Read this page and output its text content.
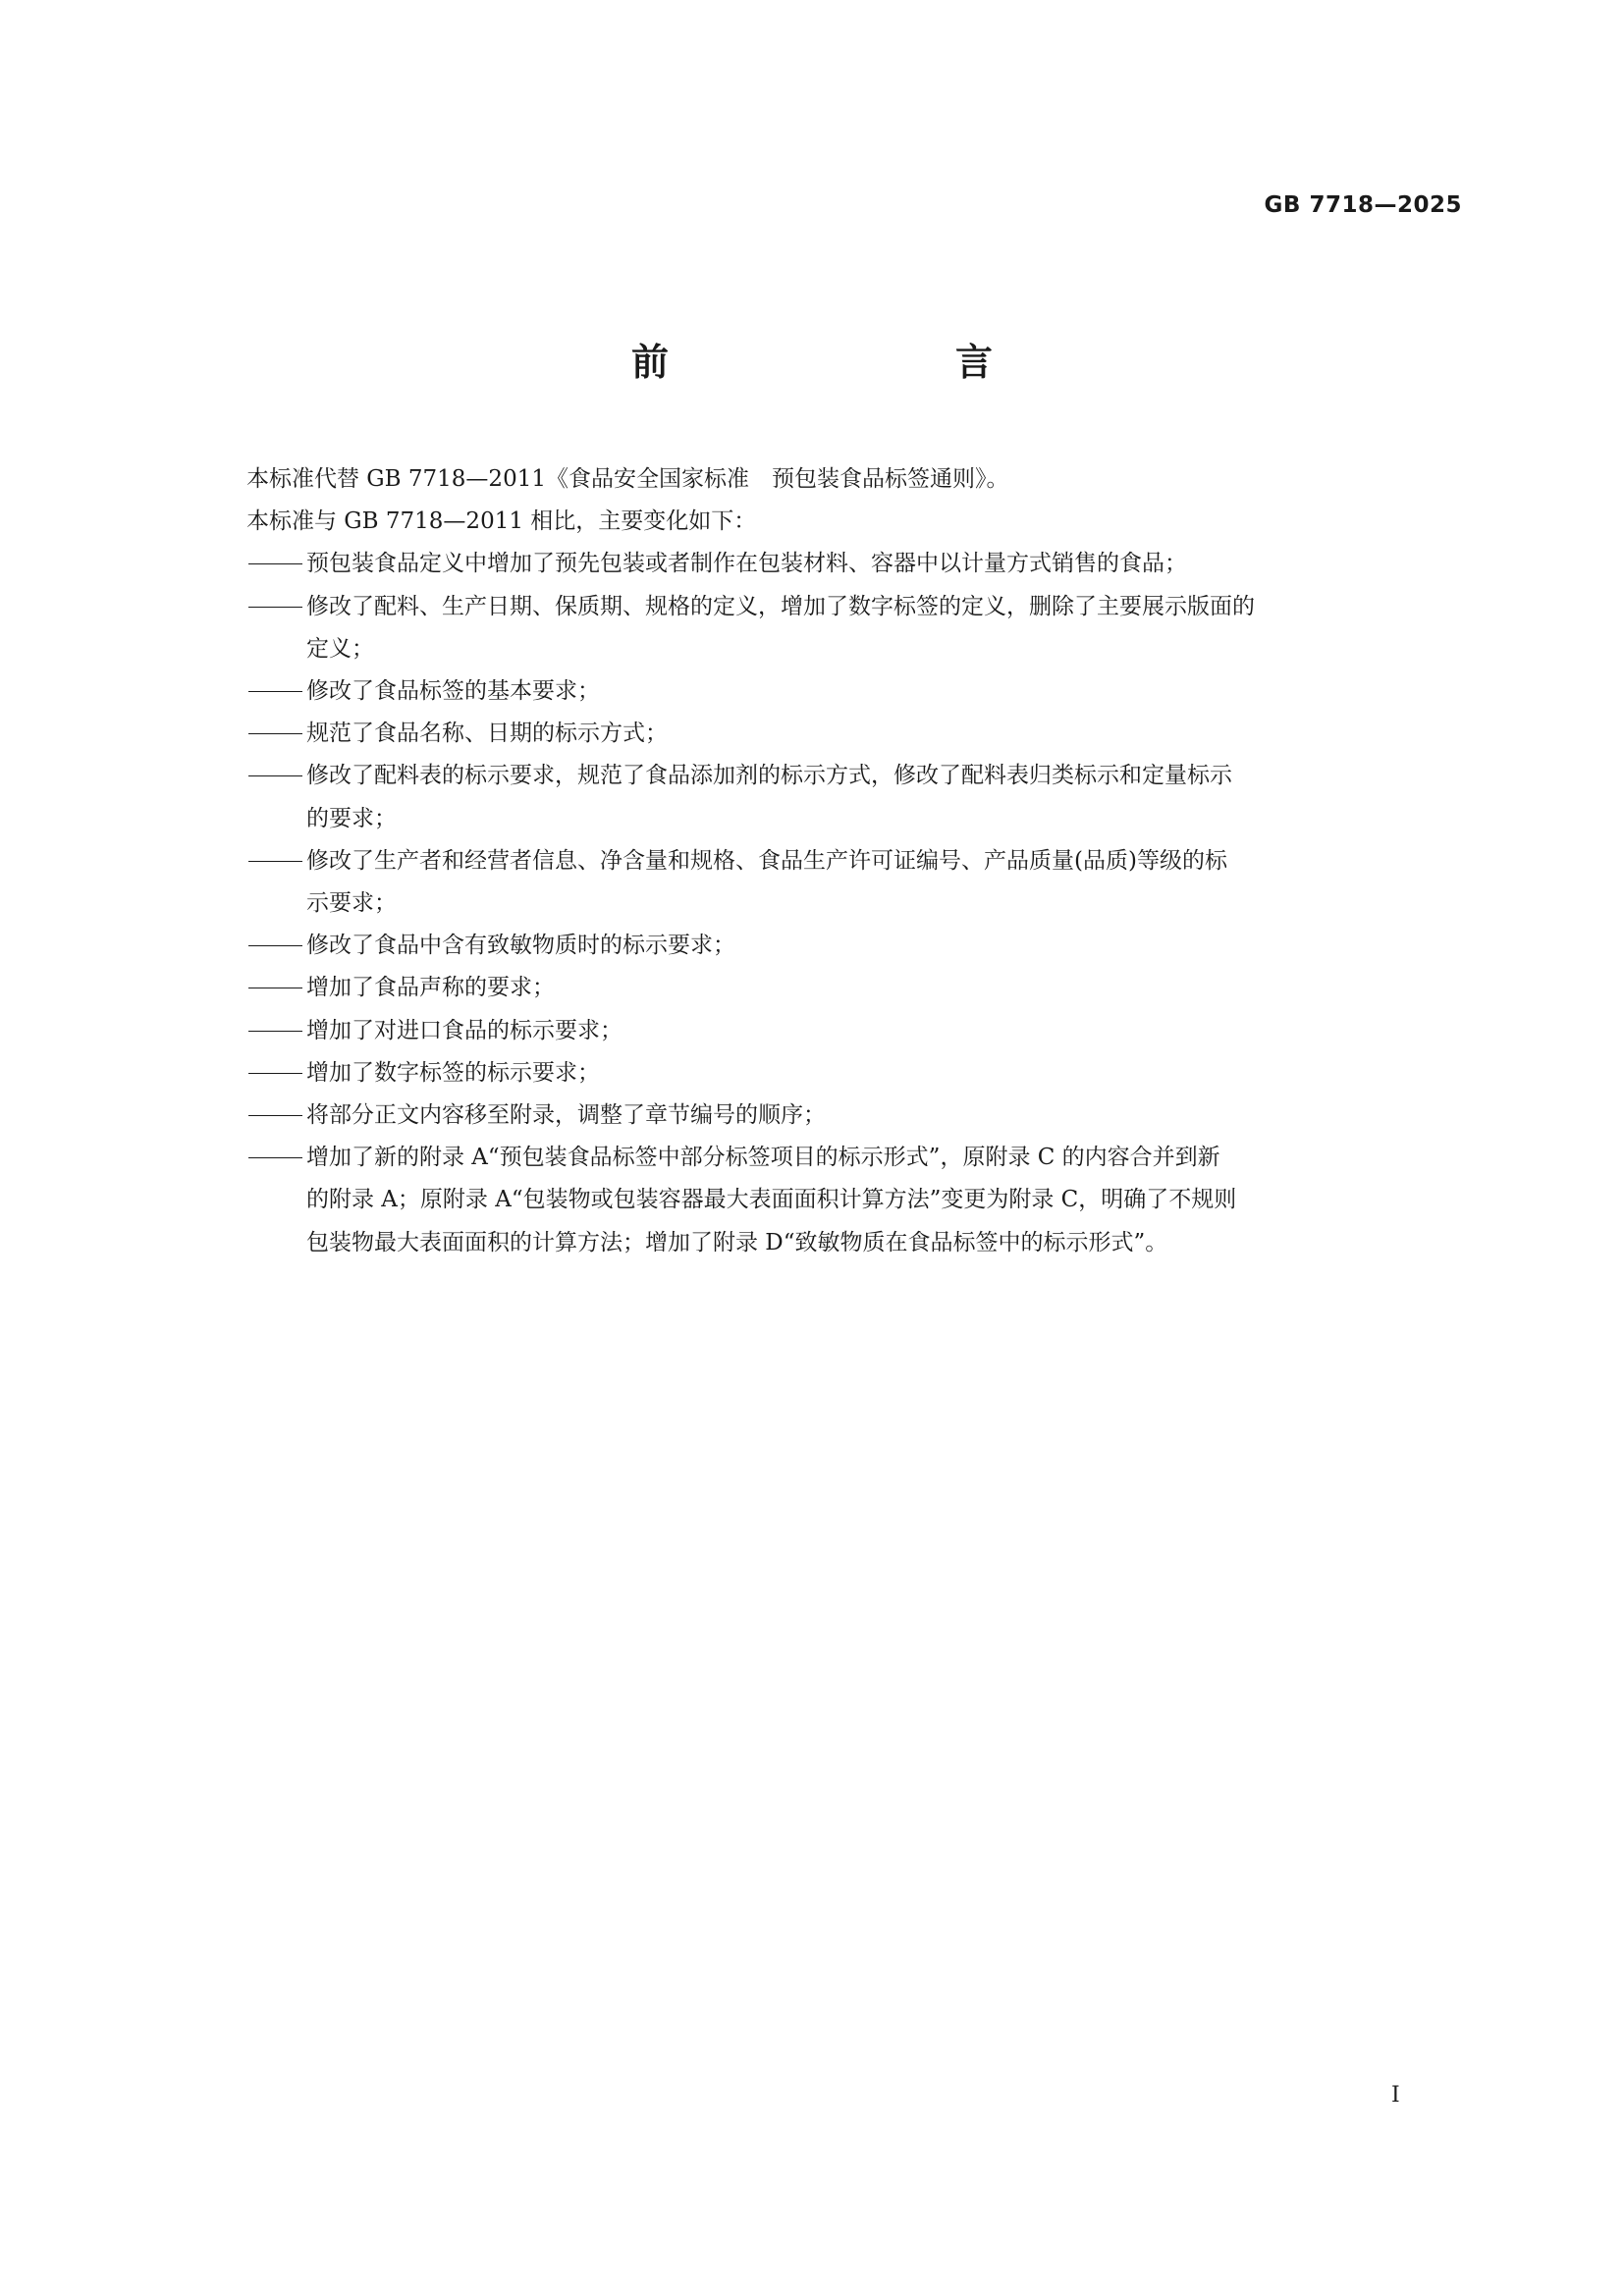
GB 7718—2025
前　　言

本标准代替 GB 7718—2011《食品安全国家标准　预包装食品标签通则》。

本标准与 GB 7718—2011 相比，主要变化如下：

预包装食品定义中增加了预先包装或者制作在包装材料、容器中以计量方式销售的食品；
修改了配料、生产日期、保质期、规格的定义，增加了数字标签的定义，删除了主要展示版面的
定义；
修改了食品标签的基本要求；
规范了食品名称、日期的标示方式；
修改了配料表的标示要求，规范了食品添加剂的标示方式，修改了配料表归类标示和定量标示
的要求；
修改了生产者和经营者信息、净含量和规格、食品生产许可证编号、产品质量(品质)等级的标
示要求；
修改了食品中含有致敏物质时的标示要求；
增加了食品声称的要求；
增加了对进口食品的标示要求；
增加了数字标签的标示要求；
将部分正文内容移至附录，调整了章节编号的顺序；
增加了新的附录 A“预包装食品标签中部分标签项目的标示形式”，原附录 C 的内容合并到新
的附录 A；原附录 A“包装物或包装容器最大表面面积计算方法”变更为附录 C，明确了不规则
包装物最大表面面积的计算方法；增加了附录 D“致敏物质在食品标签中的标示形式”。
I
